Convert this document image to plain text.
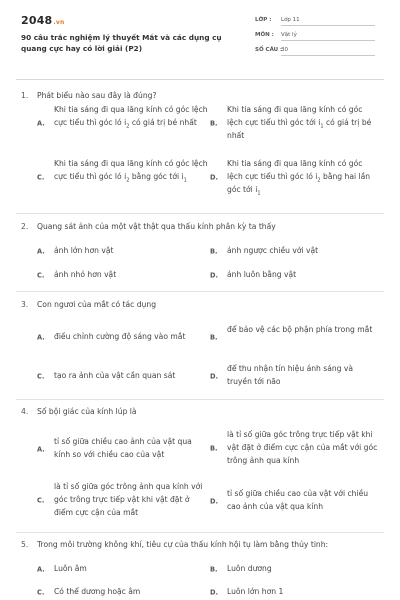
2048.vn
90 câu trắc nghiệm lý thuyết Mắt và các dụng cụ quang cực hay có lời giải (P2)
LỚP : Lớp 11
MÔN : Vật lý
SỐ CÂU :
30
1. Phát biểu nào sau đây là đúng?
A.
Khi tia sáng đi qua lăng kính có góc lệch cực tiểu thì góc ló $i_2$ có giá trị bé nhất	B.
Khi tia sáng đi qua lăng kính có góc lệch cực tiểu thì góc tới $i_1$ có giá trị bé nhất
C.
Khi tia sáng đi qua lăng kính có góc lệch cực tiểu thì góc ló $i_2$ bằng góc tới $i_1$	D.
Khi tia sáng đi qua lăng kính có góc lệch cực tiểu thì góc ló $i_2$ bằng hai lần góc tới $i_1$
2. Quang sát ảnh của một vật thật qua thấu kính phân kỳ ta thấy
A. ảnh lớn hơn vật	B. ảnh ngược chiều với vật
C. ảnh nhỏ hơn vật	D. ảnh luôn bằng vật
3. Con ngươi của mắt có tác dụng
A. điều chỉnh cường độ sáng vào mắt	B.
để bảo vệ các bộ phận phía trong mắt
C. tạo ra ảnh của vật cần quan sát	D.
để thu nhận tín hiệu ánh sáng và truyền tới não
4. Số bội giác của kính lúp là
A.
tỉ số giữa chiều cao ảnh của vật qua kính so với chiều cao của vật
B.
là tỉ số giữa góc trông trực tiếp vật khi vật đặt ở điểm cực cận của mắt với góc trông ảnh qua kính
C.
là tỉ số giữa góc trông ảnh qua kính với góc trông trực tiếp vật khi vật đặt ở điểm cực cận của mắt
D.
tỉ số giữa chiều cao của vật với chiều cao ảnh của vật qua kính
5. Trong môi trường không khí, tiêu cự của thấu kính hội tụ làm bằng thủy tinh:
A. Luôn âm	B. Luôn dương
C. Có thể dương hoặc âm	D. Luôn lớn hơn 1
